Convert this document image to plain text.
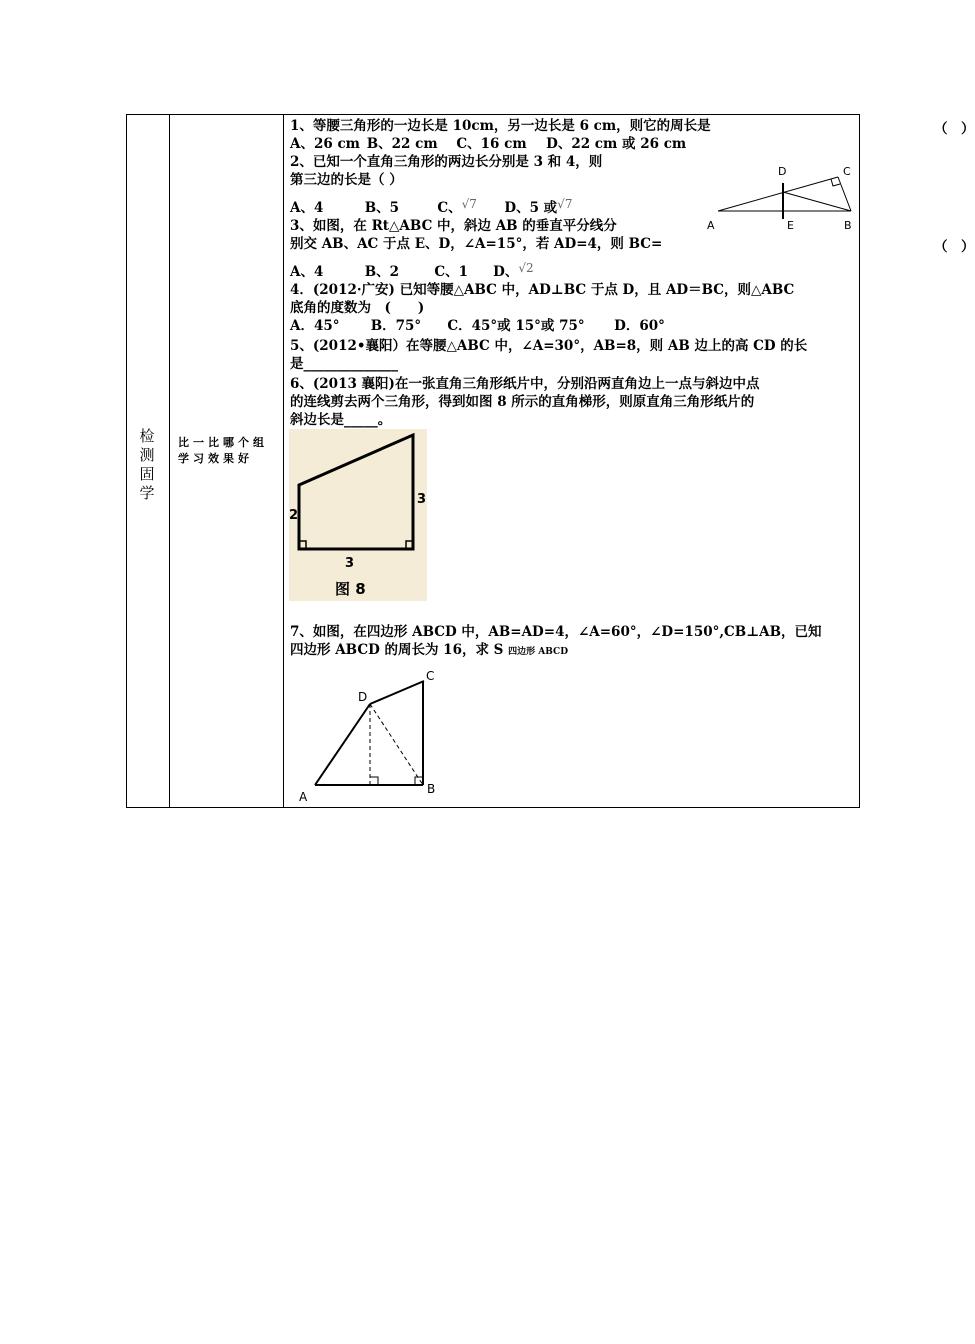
检
测
固
学
比一比哪个组学习效果好
1、等腰三角形的一边长是 10cm，另一边长是 6 cm，则它的周长是	（　）
A、26 cm B、22 cm C、16 cm D、22 cm 或 26 cm
2、已知一个直角三角形的两边长分别是 3 和 4，则
第三边的长是（ ）
A、4	B、5	C、√7 D、5 或√7
3、如图，在 Rt△ABC 中，斜边 AB 的垂直平分线分
别交 AB、AC 于点 E、D，∠A=15°，若 AD=4，则 BC=	（　）
A、4	B、2	C、1 D、√2
A	B
C
D
E
4．(2012·广安) 已知等腰△ABC 中，AD⊥BC 于点 D，且 AD＝BC，则△ABC
底角的度数为　(　　)
A．45° B．75° C．45°或 15°或 75° D．60°
5、(2012•襄阳）在等腰△ABC 中，∠A=30°，AB=8，则 AB 边上的高 CD 的长
是______________
6、(2013 襄阳)在一张直角三角形纸片中，分别沿两直角边上一点与斜边中点
的连线剪去两个三角形，得到如图 8 所示的直角梯形，则原直角三角形纸片的
斜边长是_____。
2
3
3
图 8
7、如图，在四边形 ABCD 中，AB=AD=4，∠A=60°，∠D=150°,CB⊥AB，已知
四边形 ABCD 的周长为 16，求 S 四边形 ABCD
A
B
C
D
